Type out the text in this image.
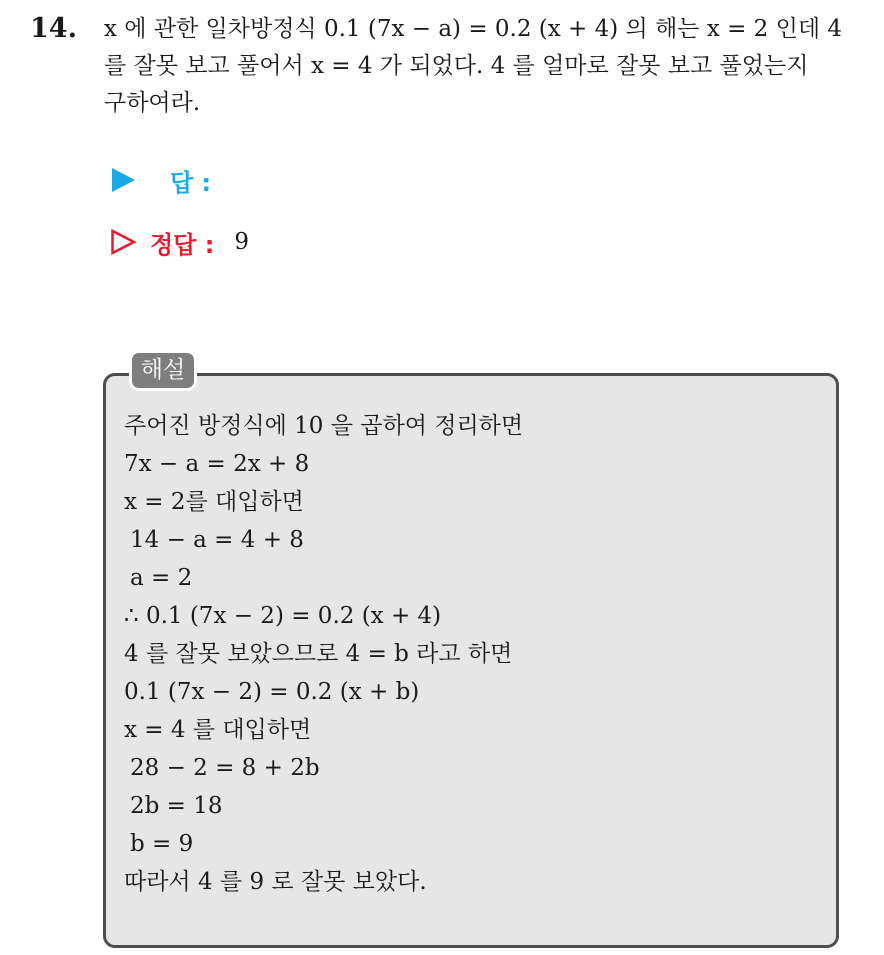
14. x 에 관한 일차방정식 0.1 (7x − a) = 0.2 (x + 4) 의 해는 x = 2 인데 4
를 잘못 보고 풀어서 x = 4 가 되었다. 4 를 얼마로 잘못 보고 풀었는지
구하여라.
답 :
정답 : 9
해설
주어진 방정식에 10 을 곱하여 정리하면
7x − a = 2x + 8
x = 2를 대입하면
14 − a = 4 + 8
a = 2
∴ 0.1 (7x − 2) = 0.2 (x + 4)
4 를 잘못 보았으므로 4 = b 라고 하면
0.1 (7x − 2) = 0.2 (x + b)
x = 4 를 대입하면
28 − 2 = 8 + 2b
2b = 18
b = 9
따라서 4 를 9 로 잘못 보았다.
